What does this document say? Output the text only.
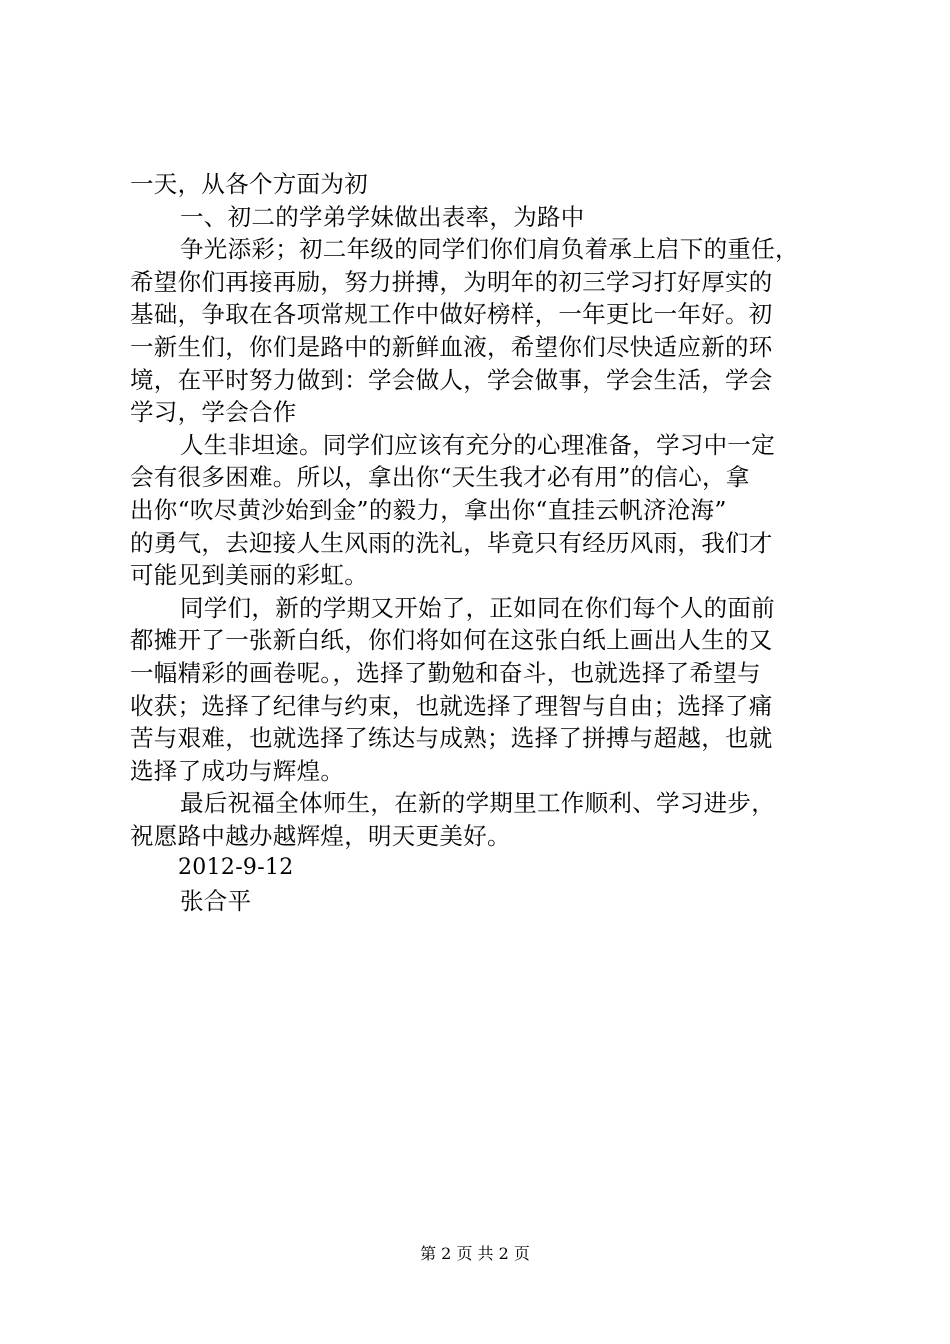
一天，从各个方面为初
一、初二的学弟学妹做出表率，为路中
争光添彩；初二年级的同学们你们肩负着承上启下的重任，
希望你们再接再励，努力拼搏，为明年的初三学习打好厚实的
基础，争取在各项常规工作中做好榜样，一年更比一年好。初
一新生们，你们是路中的新鲜血液，希望你们尽快适应新的环
境，在平时努力做到：学会做人，学会做事，学会生活，学会
学习，学会合作
人生非坦途。同学们应该有充分的心理准备，学习中一定
会有很多困难。所以，拿出你“天生我才必有用”的信心，拿
出你“吹尽黄沙始到金”的毅力，拿出你“直挂云帆济沧海”
的勇气，去迎接人生风雨的洗礼，毕竟只有经历风雨，我们才
可能见到美丽的彩虹。
同学们，新的学期又开始了，正如同在你们每个人的面前
都摊开了一张新白纸，你们将如何在这张白纸上画出人生的又
一幅精彩的画卷呢。，选择了勤勉和奋斗，也就选择了希望与
收获；选择了纪律与约束，也就选择了理智与自由；选择了痛
苦与艰难，也就选择了练达与成熟；选择了拼搏与超越，也就
选择了成功与辉煌。
最后祝福全体师生，在新的学期里工作顺利、学习进步，
祝愿路中越办越辉煌，明天更美好。
2012-9-12
张合平
第 2 页 共 2 页
